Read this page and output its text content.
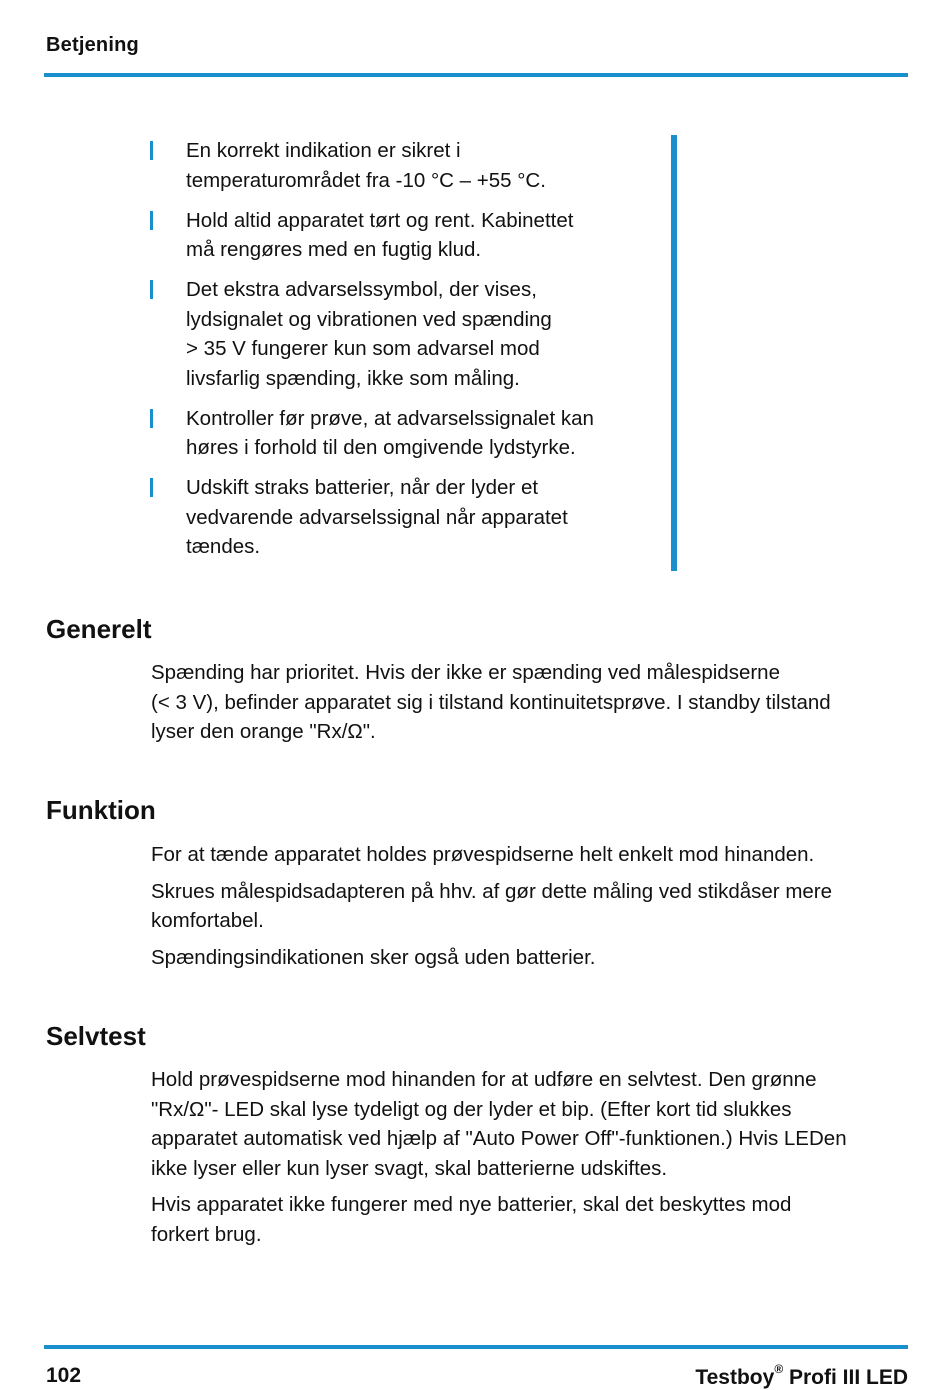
Betjening
En korrekt indikation er sikret i
temperaturområdet fra -10 °C – +55 °C.
Hold altid apparatet tørt og rent. Kabinettet
må rengøres med en fugtig klud.
Det ekstra advarselssymbol, der vises,
lydsignalet og vibrationen ved spænding
> 35 V fungerer kun som advarsel mod
livsfarlig spænding, ikke som måling.
Kontroller før prøve, at advarselssignalet kan
høres i forhold til den omgivende lydstyrke.
Udskift straks batterier, når der lyder et
vedvarende advarselssignal når apparatet
tændes.
Generelt

Spænding har prioritet. Hvis der ikke er spænding ved målespidserne
(< 3 V), befinder apparatet sig i tilstand kontinuitetsprøve. I standby tilstand
lyser den orange "Rx/Ω".

Funktion

For at tænde apparatet holdes prøvespidserne helt enkelt mod hinanden.

Skrues målespidsadapteren på hhv. af gør dette måling ved stikdåser mere
komfortabel.

Spændingsindikationen sker også uden batterier.

Selvtest

Hold prøvespidserne mod hinanden for at udføre en selvtest. Den grønne
"Rx/Ω"- LED skal lyse tydeligt og der lyder et bip. (Efter kort tid slukkes
apparatet automatisk ved hjælp af "Auto Power Off"-funktionen.) Hvis LEDen
ikke lyser eller kun lyser svagt, skal batterierne udskiftes.

Hvis apparatet ikke fungerer med nye batterier, skal det beskyttes mod
forkert brug.

102	Testboy® Profi III LED
